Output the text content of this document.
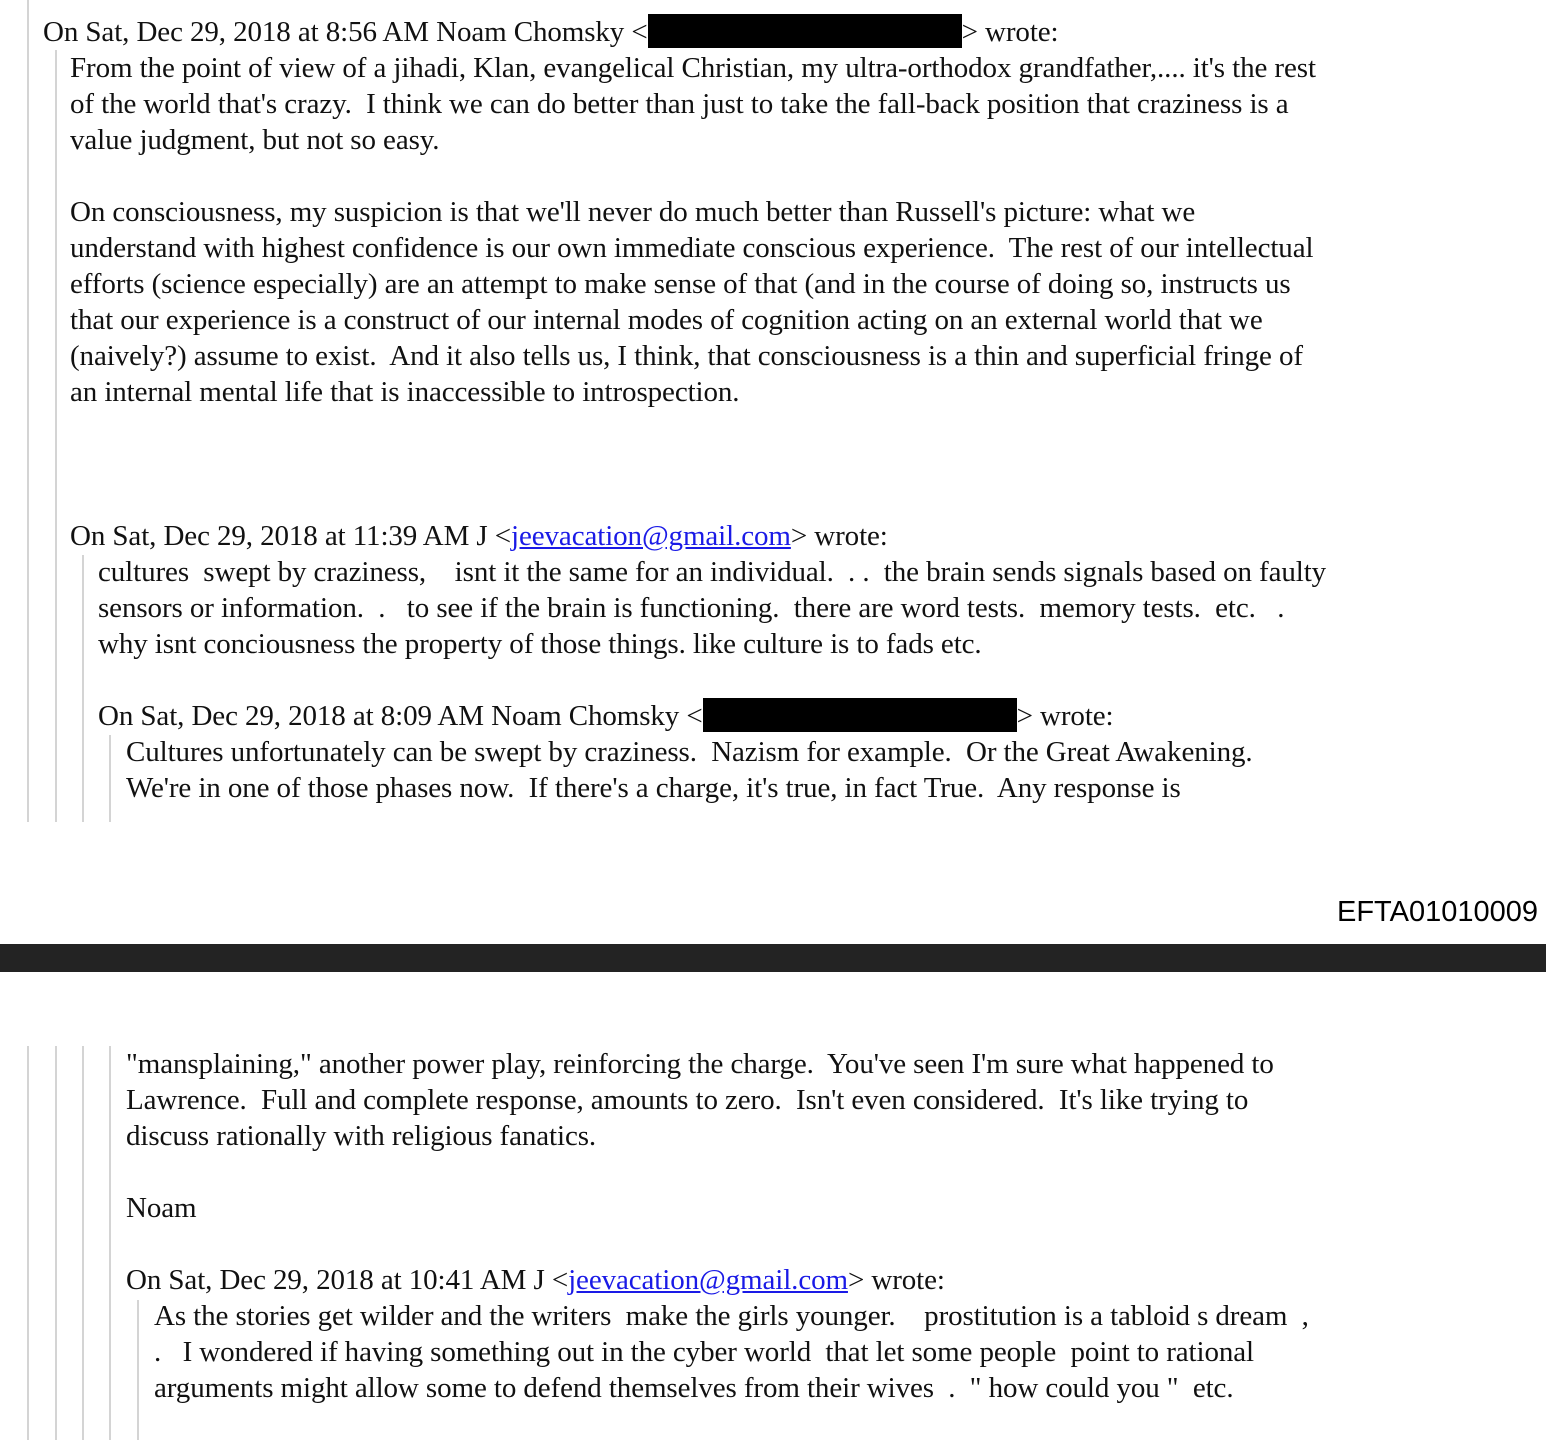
On Sat, Dec 29, 2018 at 8:56 AM Noam Chomsky <	> wrote:
From the point of view of a jihadi, Klan, evangelical Christian, my ultra-orthodox grandfather,.... it's the rest
of the world that's crazy.  I think we can do better than just to take the fall-back position that craziness is a
value judgment, but not so easy.
On consciousness, my suspicion is that we'll never do much better than Russell's picture: what we
understand with highest confidence is our own immediate conscious experience.  The rest of our intellectual
efforts (science especially) are an attempt to make sense of that (and in the course of doing so, instructs us
that our experience is a construct of our internal modes of cognition acting on an external world that we
(naively?) assume to exist.  And it also tells us, I think, that consciousness is a thin and superficial fringe of
an internal mental life that is inaccessible to introspection.
On Sat, Dec 29, 2018 at 11:39 AM J <jeevacation@gmail.com> wrote:
cultures  swept by craziness,    isnt it the same for an individual.  . .  the brain sends signals based on faulty
sensors or information.  .   to see if the brain is functioning.  there are word tests.  memory tests.  etc.   .
why isnt conciousness the property of those things. like culture is to fads etc.
On Sat, Dec 29, 2018 at 8:09 AM Noam Chomsky <	> wrote:
Cultures unfortunately can be swept by craziness.  Nazism for example.  Or the Great Awakening.
We're in one of those phases now.  If there's a charge, it's true, in fact True.  Any response is
EFTA01010009
"mansplaining," another power play, reinforcing the charge.  You've seen I'm sure what happened to
Lawrence.  Full and complete response, amounts to zero.  Isn't even considered.  It's like trying to
discuss rationally with religious fanatics.
Noam
On Sat, Dec 29, 2018 at 10:41 AM J <jeevacation@gmail.com> wrote:
As the stories get wilder and the writers  make the girls younger.    prostitution is a tabloid s dream  ,
.   I wondered if having something out in the cyber world  that let some people  point to rational
arguments might allow some to defend themselves from their wives  .  " how could you "  etc.
